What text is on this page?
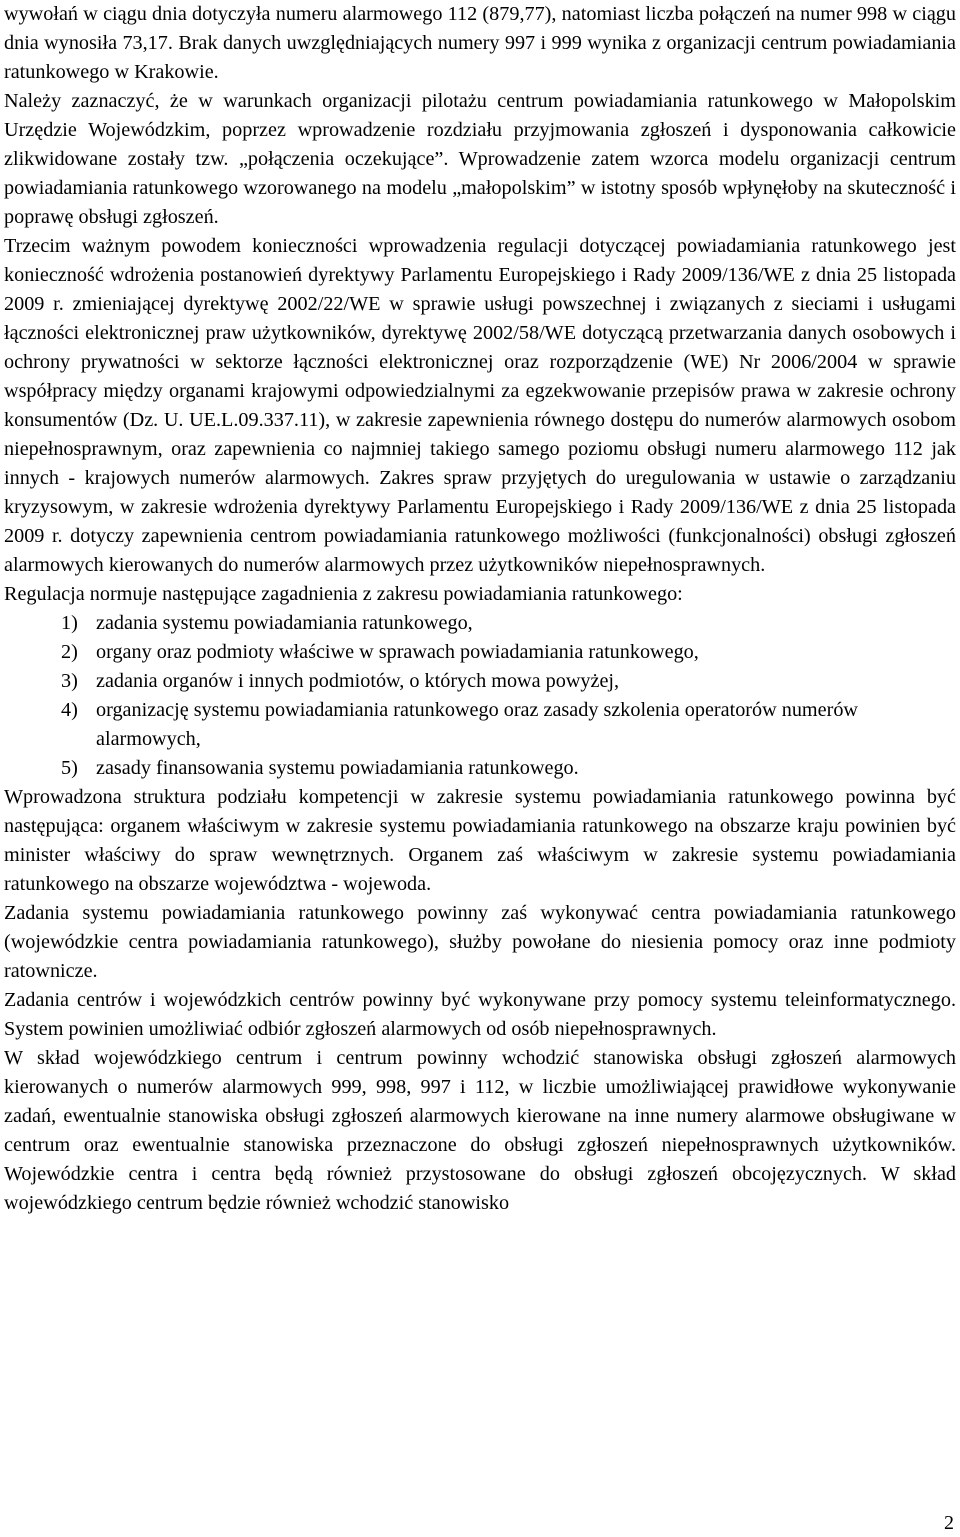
wywołań w ciągu dnia dotyczyła numeru alarmowego 112 (879,77), natomiast liczba połączeń na numer 998 w ciągu dnia wynosiła 73,17. Brak danych uwzględniających numery 997 i 999 wynika z organizacji centrum powiadamiania ratunkowego w Krakowie.

Należy zaznaczyć, że w warunkach organizacji pilotażu centrum powiadamiania ratunkowego w Małopolskim Urzędzie Wojewódzkim, poprzez wprowadzenie rozdziału przyjmowania zgłoszeń i dysponowania całkowicie zlikwidowane zostały tzw. „połączenia oczekujące”. Wprowadzenie zatem wzorca modelu organizacji centrum powiadamiania ratunkowego wzorowanego na modelu „małopolskim” w istotny sposób wpłynęłoby na skuteczność i poprawę obsługi zgłoszeń.

Trzecim ważnym powodem konieczności wprowadzenia regulacji dotyczącej powiadamiania ratunkowego jest konieczność wdrożenia postanowień dyrektywy Parlamentu Europejskiego i Rady 2009/136/WE z dnia 25 listopada 2009 r. zmieniającej dyrektywę 2002/22/WE w sprawie usługi powszechnej i związanych z sieciami i usługami łączności elektronicznej praw użytkowników, dyrektywę 2002/58/WE dotyczącą przetwarzania danych osobowych i ochrony prywatności w sektorze łączności elektronicznej oraz rozporządzenie (WE) Nr 2006/2004 w sprawie współpracy między organami krajowymi odpowiedzialnymi za egzekwowanie przepisów prawa w zakresie ochrony konsumentów (Dz. U. UE.L.09.337.11), w zakresie zapewnienia równego dostępu do numerów alarmowych osobom niepełnosprawnym, oraz zapewnienia co najmniej takiego samego poziomu obsługi numeru alarmowego 112 jak innych - krajowych numerów alarmowych. Zakres spraw przyjętych do uregulowania w ustawie o zarządzaniu kryzysowym, w zakresie wdrożenia dyrektywy Parlamentu Europejskiego i Rady 2009/136/WE z dnia 25 listopada 2009 r. dotyczy zapewnienia centrom powiadamiania ratunkowego możliwości (funkcjonalności) obsługi zgłoszeń alarmowych kierowanych do numerów alarmowych przez użytkowników niepełnosprawnych.

Regulacja normuje następujące zagadnienia z zakresu powiadamiania ratunkowego:

1) zadania systemu powiadamiania ratunkowego,
2) organy oraz podmioty właściwe w sprawach powiadamiania ratunkowego,
3) zadania organów i innych podmiotów, o których mowa powyżej,
4) organizację systemu powiadamiania ratunkowego oraz zasady szkolenia operatorów numerów alarmowych,
5) zasady finansowania systemu powiadamiania ratunkowego.

Wprowadzona struktura podziału kompetencji w zakresie systemu powiadamiania ratunkowego powinna być następująca: organem właściwym w zakresie systemu powiadamiania ratunkowego na obszarze kraju powinien być minister właściwy do spraw wewnętrznych. Organem zaś właściwym w zakresie systemu powiadamiania ratunkowego na obszarze województwa - wojewoda.

Zadania systemu powiadamiania ratunkowego powinny zaś wykonywać centra powiadamiania ratunkowego (wojewódzkie centra powiadamiania ratunkowego), służby powołane do niesienia pomocy oraz inne podmioty ratownicze.

Zadania centrów i wojewódzkich centrów powinny być wykonywane przy pomocy systemu teleinformatycznego. System powinien umożliwiać odbiór zgłoszeń alarmowych od osób niepełnosprawnych.

W skład wojewódzkiego centrum i centrum powinny wchodzić stanowiska obsługi zgłoszeń alarmowych kierowanych o numerów alarmowych 999, 998, 997 i 112, w liczbie umożliwiającej prawidłowe wykonywanie zadań, ewentualnie stanowiska obsługi zgłoszeń alarmowych kierowane na inne numery alarmowe obsługiwane w centrum oraz ewentualnie stanowiska przeznaczone do obsługi zgłoszeń niepełnosprawnych użytkowników. Wojewódzkie centra i centra będą również przystosowane do obsługi zgłoszeń obcojęzycznych. W skład wojewódzkiego centrum będzie również wchodzić stanowisko

2
